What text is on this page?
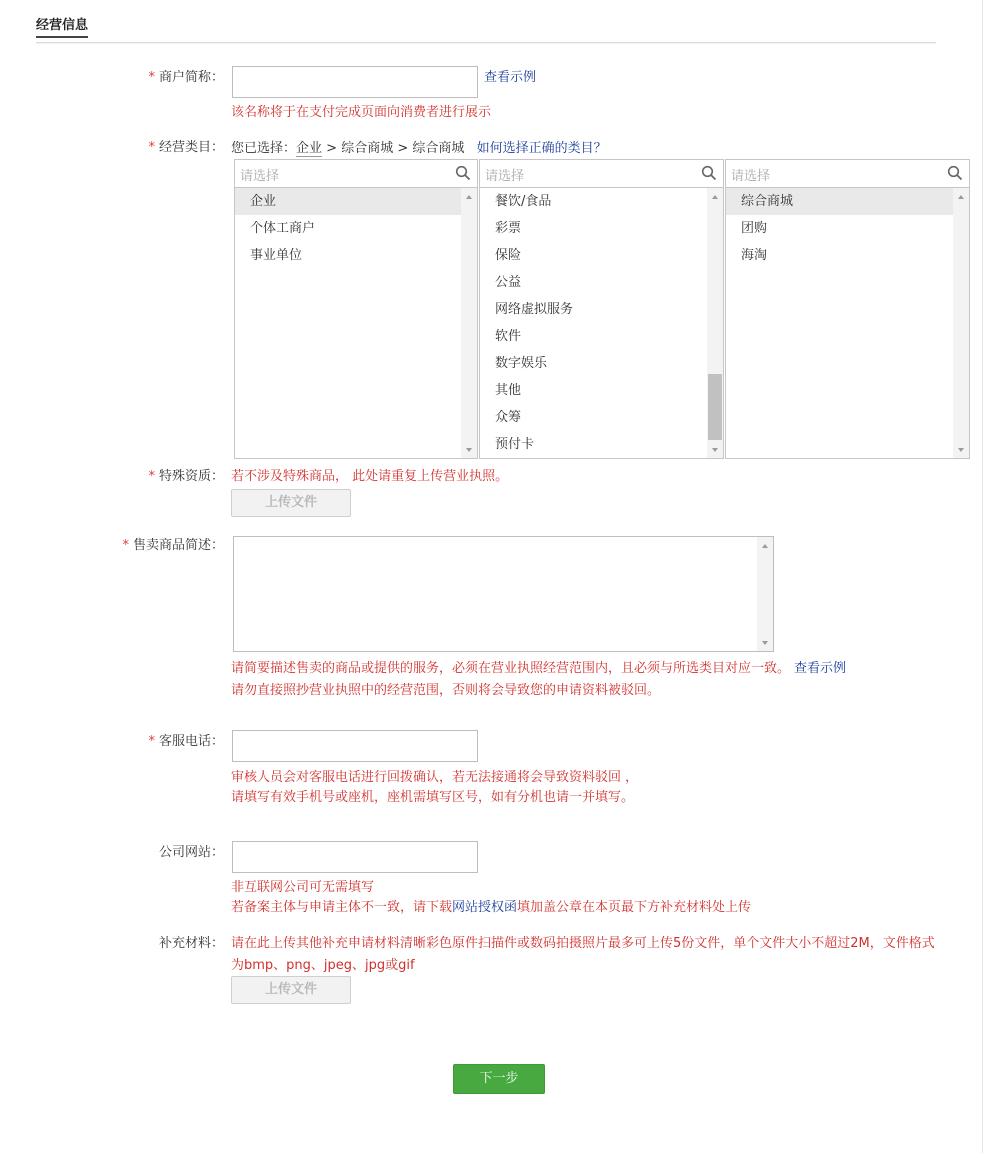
经营信息
* 商户简称：	查看示例
该名称将于在支付完成页面向消费者进行展示
* 经营类目： 您已选择：企业 > 综合商城 > 综合商城 如何选择正确的类目？
请选择
企业
个体工商户
事业单位
请选择
餐饮/食品
彩票
保险
公益
网络虚拟服务
软件
数字娱乐
其他
众筹
预付卡
请选择
综合商城
团购
海淘
* 特殊资质： 若不涉及特殊商品， 此处请重复上传营业执照。
上传文件
* 售卖商品简述：
请简要描述售卖的商品或提供的服务，必须在营业执照经营范围内，且必须与所选类目对应一致。 查看示例
请勿直接照抄营业执照中的经营范围，否则将会导致您的申请资料被驳回。
* 客服电话：
审核人员会对客服电话进行回拨确认，若无法接通将会导致资料驳回 ，
请填写有效手机号或座机，座机需填写区号，如有分机也请一并填写。
公司网站：
非互联网公司可无需填写
若备案主体与申请主体不一致，请下载网站授权函填加盖公章在本页最下方补充材料处上传
补充材料： 请在此上传其他补充申请材料清晰彩色原件扫描件或数码拍摄照片最多可上传5份文件，单个文件大小不超过2M，文件格式
为bmp、png、jpeg、jpg或gif
上传文件
下一步
